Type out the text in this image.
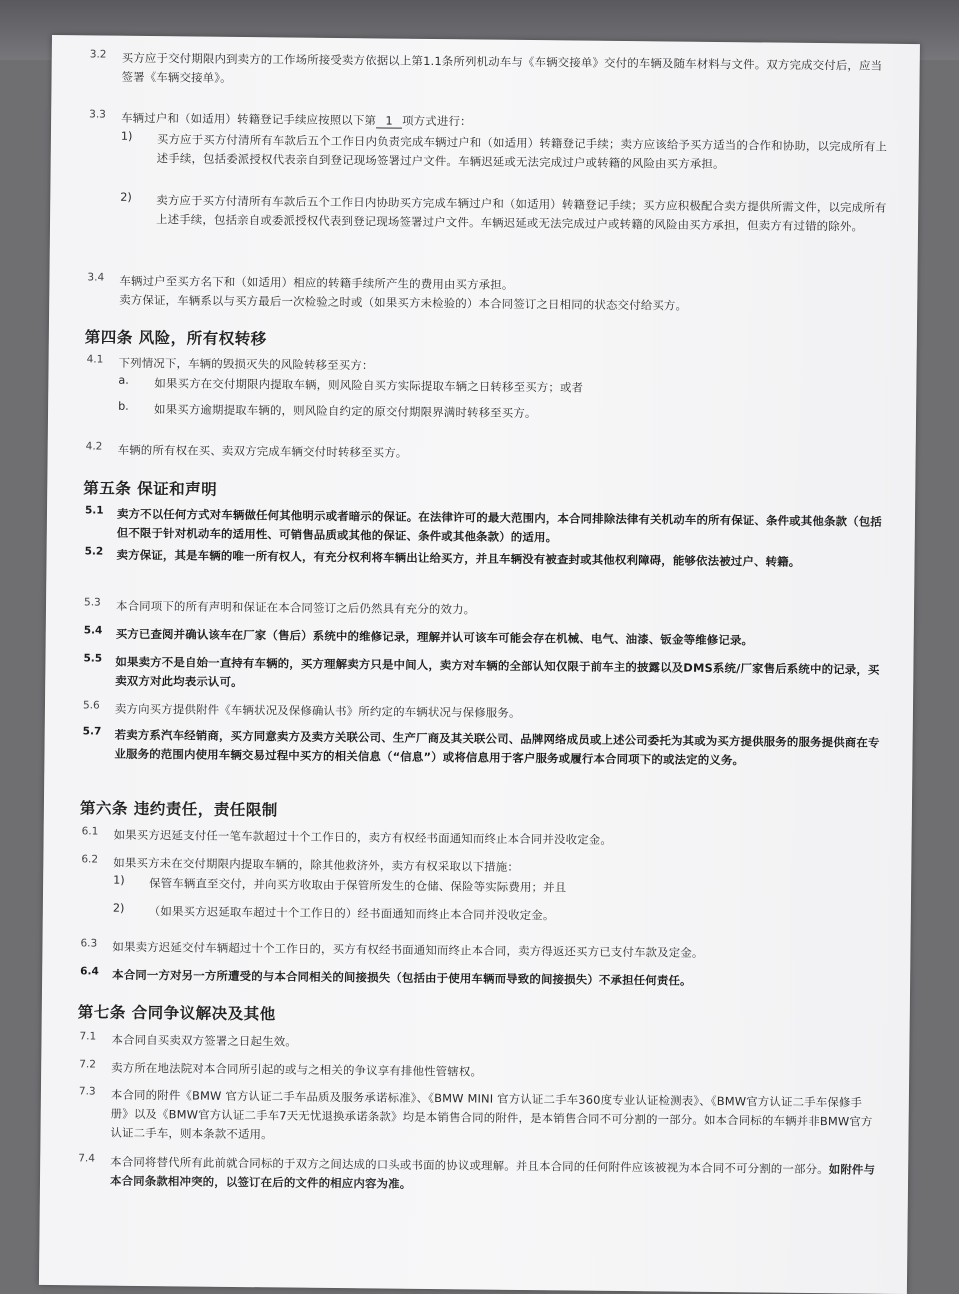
3.2	买方应于交付期限内到卖方的工作场所接受卖方依据以上第1.1条所列机动车与《车辆交接单》交付的车辆及随车材料与文件。双方完成交付后，应当签署《车辆交接单》。
3.3	车辆过户和（如适用）转籍登记手续应按照以下第 1 项方式进行：
1) 买方应于买方付清所有车款后五个工作日内负责完成车辆过户和（如适用）转籍登记手续；卖方应该给予买方适当的合作和协助，以完成所有上述手续，包括委派授权代表亲自到登记现场签署过户文件。车辆迟延或无法完成过户或转籍的风险由买方承担。
2) 卖方应于买方付清所有车款后五个工作日内协助买方完成车辆过户和（如适用）转籍登记手续；买方应积极配合卖方提供所需文件，以完成所有上述手续，包括亲自或委派授权代表到登记现场签署过户文件。车辆迟延或无法完成过户或转籍的风险由买方承担，但卖方有过错的除外。
3.4	车辆过户至买方名下和（如适用）相应的转籍手续所产生的费用由买方承担。
卖方保证，车辆系以与买方最后一次检验之时或（如果买方未检验的）本合同签订之日相同的状态交付给买方。
第四条 风险，所有权转移
4.1	下列情况下，车辆的毁损灭失的风险转移至买方：
a. 如果买方在交付期限内提取车辆，则风险自买方实际提取车辆之日转移至买方；或者
b. 如果买方逾期提取车辆的，则风险自约定的原交付期限界满时转移至买方。
4.2	车辆的所有权在买、卖双方完成车辆交付时转移至买方。
第五条 保证和声明
5.1	卖方不以任何方式对车辆做任何其他明示或者暗示的保证。在法律许可的最大范围内，本合同排除法律有关机动车的所有保证、条件或其他条款（包括但不限于针对机动车的适用性、可销售品质或其他的保证、条件或其他条款）的适用。
5.2	卖方保证，其是车辆的唯一所有权人，有充分权利将车辆出让给买方，并且车辆没有被查封或其他权利障碍，能够依法被过户、转籍。
5.3	本合同项下的所有声明和保证在本合同签订之后仍然具有充分的效力。
5.4	买方已查阅并确认该车在厂家（售后）系统中的维修记录，理解并认可该车可能会存在机械、电气、油漆、钣金等维修记录。
5.5	如果卖方不是自始一直持有车辆的，买方理解卖方只是中间人，卖方对车辆的全部认知仅限于前车主的披露以及DMS系统/厂家售后系统中的记录，买卖双方对此均表示认可。
5.6	卖方向买方提供附件《车辆状况及保修确认书》所约定的车辆状况与保修服务。
5.7	若卖方系汽车经销商，买方同意卖方及卖方关联公司、生产厂商及其关联公司、品牌网络成员或上述公司委托为其或为买方提供服务的服务提供商在专业服务的范围内使用车辆交易过程中买方的相关信息（“信息”）或将信息用于客户服务或履行本合同项下的或法定的义务。
第六条 违约责任，责任限制
6.1	如果买方迟延支付任一笔车款超过十个工作日的，卖方有权经书面通知而终止本合同并没收定金。
6.2	如果买方未在交付期限内提取车辆的，除其他救济外，卖方有权采取以下措施：
1) 保管车辆直至交付，并向买方收取由于保管所发生的仓储、保险等实际费用；并且
2) （如果买方迟延取车超过十个工作日的）经书面通知而终止本合同并没收定金。
6.3	如果卖方迟延交付车辆超过十个工作日的，买方有权经书面通知而终止本合同，卖方得返还买方已支付车款及定金。
6.4	本合同一方对另一方所遭受的与本合同相关的间接损失（包括由于使用车辆而导致的间接损失）不承担任何责任。
第七条 合同争议解决及其他
7.1	本合同自买卖双方签署之日起生效。
7.2	卖方所在地法院对本合同所引起的或与之相关的争议享有排他性管辖权。
7.3	本合同的附件《BMW 官方认证二手车品质及服务承诺标准》、《BMW MINI 官方认证二手车360度专业认证检测表》、《BMW官方认证二手车保修手册》以及《BMW官方认证二手车7天无忧退换承诺条款》均是本销售合同的附件，是本销售合同不可分割的一部分。如本合同标的车辆并非BMW官方认证二手车，则本条款不适用。
7.4	本合同将替代所有此前就合同标的于双方之间达成的口头或书面的协议或理解。并且本合同的任何附件应该被视为本合同不可分割的一部分。如附件与本合同条款相冲突的，以签订在后的文件的相应内容为准。
